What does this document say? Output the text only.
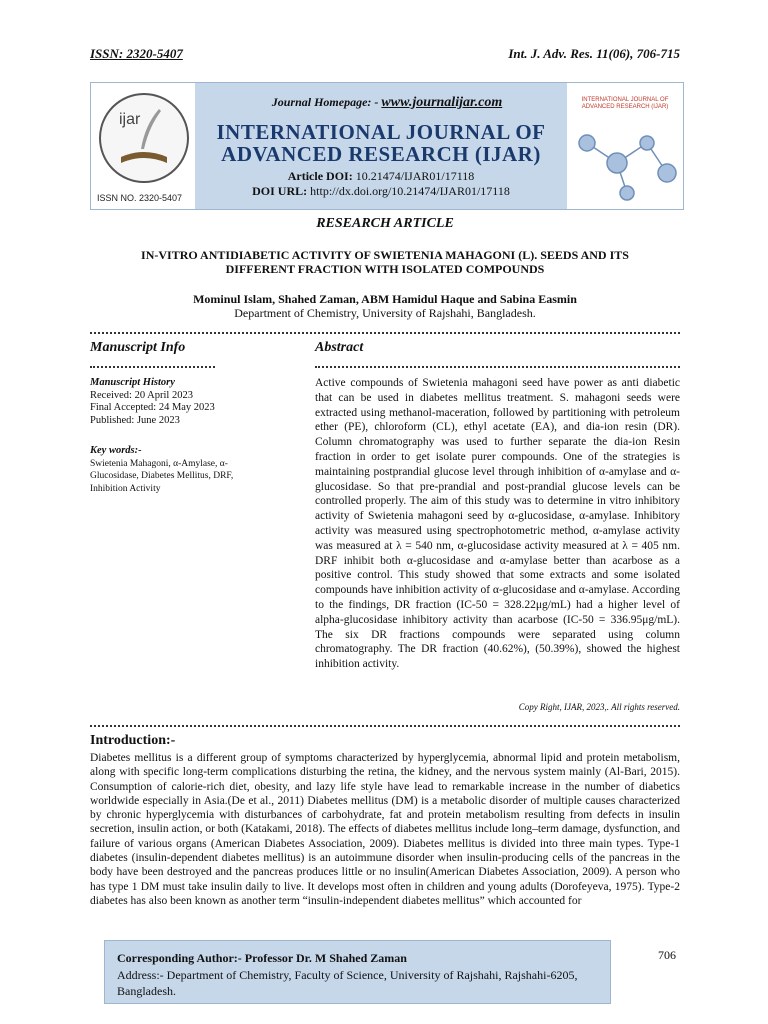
ISSN: 2320-5407	Int. J. Adv. Res. 11(06), 706-715
ijar
ISSN NO. 2320-5407
Journal Homepage: - www.journalijar.com
INTERNATIONAL JOURNAL OF
ADVANCED RESEARCH (IJAR)
Article DOI: 10.21474/IJAR01/17118
DOI URL: http://dx.doi.org/10.21474/IJAR01/17118
INTERNATIONAL JOURNAL OF ADVANCED RESEARCH (IJAR)
RESEARCH ARTICLE
IN-VITRO ANTIDIABETIC ACTIVITY OF SWIETENIA MAHAGONI (L). SEEDS AND ITS
DIFFERENT FRACTION WITH ISOLATED COMPOUNDS
Mominul Islam, Shahed Zaman, ABM Hamidul Haque and Sabina Easmin
Department of Chemistry, University of Rajshahi, Bangladesh.
Manuscript Info	Abstract
Manuscript History
Received: 20 April 2023
Final Accepted: 24 May 2023
Published: June 2023
Key words:-
Swietenia Mahagoni, α-Amylase, α-Glucosidase, Diabetes Mellitus, DRF, Inhibition Activity
Active compounds of Swietenia mahagoni seed have power as anti diabetic that can be used in diabetes mellitus treatment. S. mahagoni seeds were extracted using methanol-maceration, followed by partitioning with petroleum ether (PE), chloroform (CL), ethyl acetate (EA), and dia-ion resin (DR). Column chromatography was used to further separate the dia-ion Resin fraction in order to get isolate purer compounds. One of the strategies is maintaining postprandial glucose level through inhibition of α-amylase and α-glucosidase. So that pre-prandial and post-prandial glucose levels can be controlled properly. The aim of this study was to determine in vitro inhibitory activity of Swietenia mahagoni seed by α-glucosidase, α-amylase. Inhibitory activity was measured using spectrophotometric method, α-amylase activity was measured at λ = 540 nm, α-glucosidase activity measured at λ = 405 nm. DRF inhibit both α-glucosidase and α-amylase better than acarbose as a positive control. This study showed that some extracts and some isolated compounds have inhibition activity of α-glucosidase and α-amylase. According to the findings, DR fraction (IC-50 = 328.22μg/mL) had a higher level of alpha-glucosidase inhibitory activity than acarbose (IC-50 = 336.95μg/mL). The six DR fractions compounds were separated using column chromatography. The DR fraction (40.62%), (50.39%), showed the highest inhibition activity.
Copy Right, IJAR, 2023,. All rights reserved.
Introduction:-
Diabetes mellitus is a different group of symptoms characterized by hyperglycemia, abnormal lipid and protein metabolism, along with specific long-term complications disturbing the retina, the kidney, and the nervous system mainly (Al-Bari, 2015). Consumption of calorie-rich diet, obesity, and lazy life style have lead to remarkable increase in the number of diabetics worldwide especially in Asia.(De et al., 2011) Diabetes mellitus (DM) is a metabolic disorder of multiple causes characterized by chronic hyperglycemia with disturbances of carbohydrate, fat and protein metabolism resulting from defects in insulin secretion, insulin action, or both (Katakami, 2018). The effects of diabetes mellitus include long–term damage, dysfunction, and failure of various organs (American Diabetes Association, 2009). Diabetes mellitus is divided into three main types. Type-1 diabetes (insulin-dependent diabetes mellitus) is an autoimmune disorder when insulin-producing cells of the pancreas in the body have been destroyed and the pancreas produces little or no insulin(American Diabetes Association, 2009). A person who has type 1 DM must take insulin daily to live. It develops most often in children and young adults (Dorofeyeva, 1975). Type-2 diabetes has also been known as another term “insulin-independent diabetes mellitus” which accounted for
Corresponding Author:- Professor Dr. M Shahed Zaman
Address:- Department of Chemistry, Faculty of Science, University of Rajshahi, Rajshahi-6205, Bangladesh.
706
